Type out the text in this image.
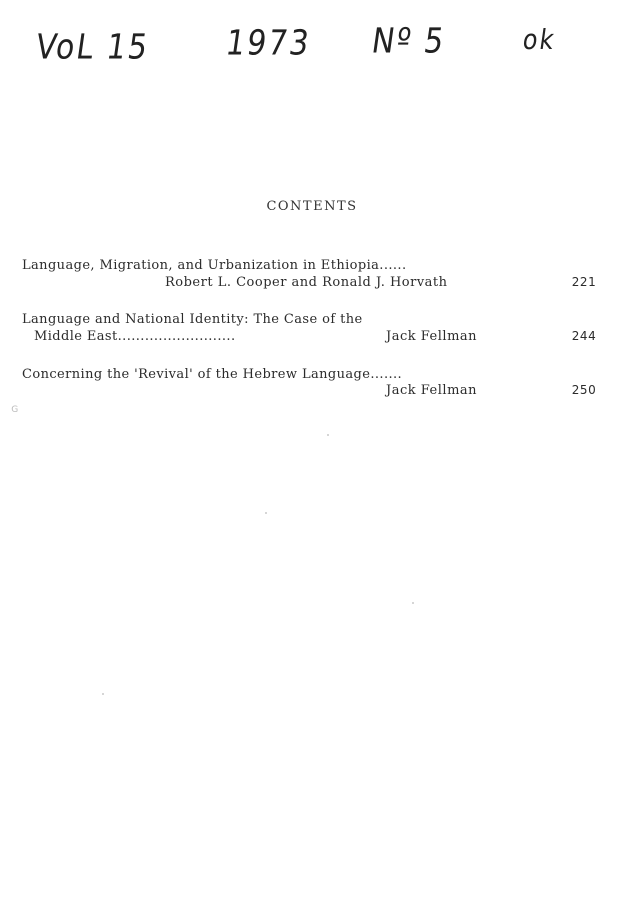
VoL 15 1973 Nº 5	ok
CONTENTS
Language, Migration, and Urbanization in Ethiopia......
Robert L. Cooper and Ronald J. Horvath	221
Language and National Identity: The Case of the
Middle East..........................	Jack Fellman	244
Concerning the 'Revival' of the Hebrew Language.......
Jack Fellman	250
G
